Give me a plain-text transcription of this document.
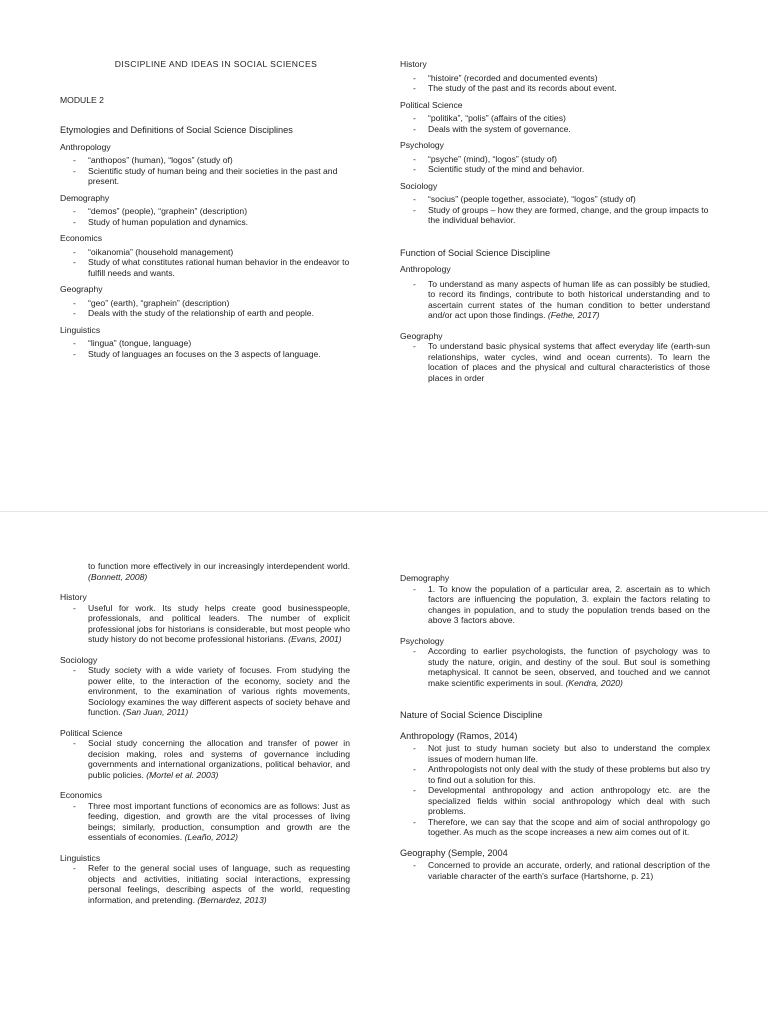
DISCIPLINE AND IDEAS IN SOCIAL SCIENCES
MODULE 2
Etymologies and Definitions of Social Science Disciplines
Anthropology
- “anthopos” (human), “logos” (study of)
- Scientific study of human being and their societies in the past and present.
Demography
- “demos” (people), “graphein” (description)
- Study of human population and dynamics.
Economics
- “oikanomia” (household management)
- Study of what constitutes rational human behavior in the endeavor to fulfill needs and wants.
Geography
- “geo” (earth), “graphein” (description)
- Deals with the study of the relationship of earth and people.
Linguistics
- “lingua” (tongue, language)
- Study of languages an focuses on the 3 aspects of language.
History
- “histoire” (recorded and documented events)
- The study of the past and its records about event.
Political Science
- “politika”, “polis” (affairs of the cities)
- Deals with the system of governance.
Psychology
- “psyche” (mind), “logos” (study of)
- Scientific study of the mind and behavior.
Sociology
- “socius” (people together, associate), “logos” (study of)
- Study of groups – how they are formed, change, and the group impacts to the individual behavior.
Function of Social Science Discipline
Anthropology
- To understand as many aspects of human life as can possibly be studied, to record its findings, contribute to both historical understanding and to ascertain current states of the human condition to better understand and/or act upon those findings. (Fethe, 2017)
Geography
- To understand basic physical systems that affect everyday life (earth-sun relationships, water cycles, wind and ocean currents). To learn the location of places and the physical and cultural characteristics of those places in order
to function more effectively in our increasingly interdependent world. (Bonnett, 2008)
History
- Useful for work. Its study helps create good businesspeople, professionals, and political leaders. The number of explicit professional jobs for historians is considerable, but most people who study history do not become professional historians. (Evans, 2001)
Sociology
- Study society with a wide variety of focuses. From studying the power elite, to the interaction of the economy, society and the environment, to the examination of various rights movements, Sociology examines the way different aspects of society behave and function. (San Juan, 2011)
Political Science
- Social study concerning the allocation and transfer of power in decision making, roles and systems of governance including governments and international organizations, political behavior, and public policies. (Mortel et al. 2003)
Economics
- Three most important functions of economics are as follows: Just as feeding, digestion, and growth are the vital processes of living beings; similarly, production, consumption and growth are the essentials of economies. (Leaño, 2012)
Linguistics
- Refer to the general social uses of language, such as requesting objects and activities, initiating social interactions, expressing personal feelings, describing aspects of the world, requesting information, and pretending. (Bernardez, 2013)
Demography
- 1. To know the population of a particular area, 2. ascertain as to which factors are influencing the population, 3. explain the factors relating to changes in population, and to study the population trends based on the above 3 factors above.
Psychology
- According to earlier psychologists, the function of psychology was to study the nature, origin, and destiny of the soul. But soul is something metaphysical. It cannot be seen, observed, and touched and we cannot make scientific experiments in soul. (Kendra, 2020)
Nature of Social Science Discipline
Anthropology (Ramos, 2014)
- Not just to study human society but also to understand the complex issues of modern human life.
- Anthropologists not only deal with the study of these problems but also try to find out a solution for this.
- Developmental anthropology and action anthropology etc. are the specialized fields within social anthropology which deal with such problems.
- Therefore, we can say that the scope and aim of social anthropology go together. As much as the scope increases a new aim comes out of it.
Geography (Semple, 2004
- Concerned to provide an accurate, orderly, and rational description of the variable character of the earth's surface (Hartshorne, p. 21)
